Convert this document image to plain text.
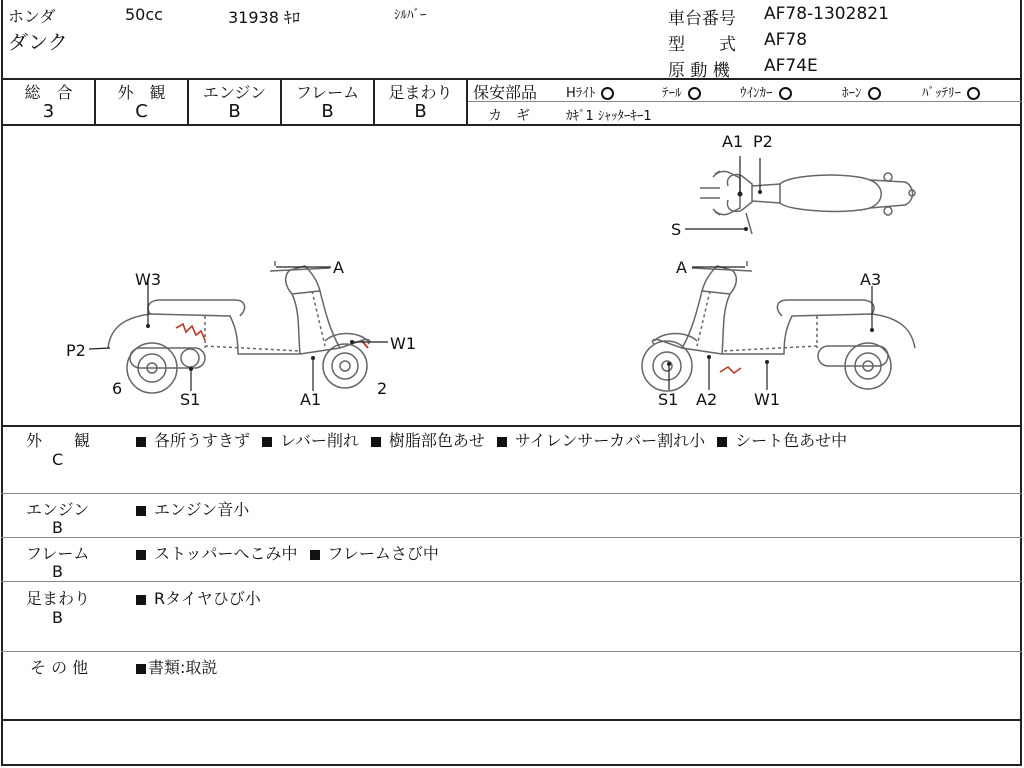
ホンダ	50cc	31938 ｷﾛ	ｼﾙﾊﾞｰ
ダンク
車台番号 AF78-1302821
型　　式 AF78
原 動 機 AF74E
総　合
3
外　観
C
エンジン
B
フレーム
B
足まわり
B
保安部品 Hﾗｲﾄ	ﾃｰﾙ	ｳｲﾝｶｰ	ﾎｰﾝ	ﾊﾞｯﾃﾘｰ
カ　ギ	ｶｷﾞ1 ｼｬｯﾀｰｷｰ1
W3
A
P2	W1
6
S1	A1
2
A1 P2
S
A
A3
S1 A2 W1
外　　観
C
各所うすきず レバー削れ 樹脂部色あせ サイレンサーカバー割れ小 シート色あせ中
エンジン
B
エンジン音小
フレーム
B
ストッパーへこみ中 フレームさび中
足まわり
B
Rタイヤひび小
そ の 他	書類:取説
